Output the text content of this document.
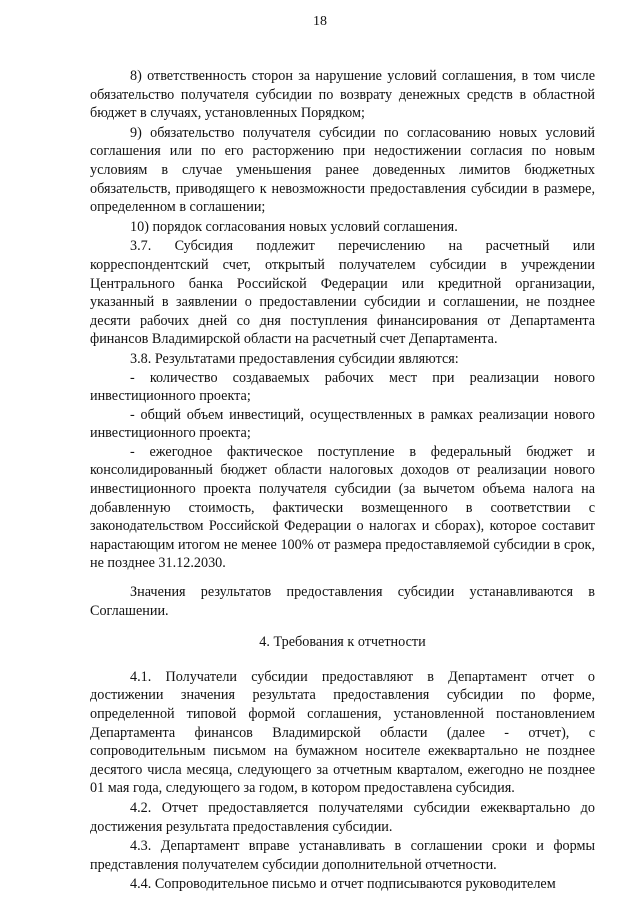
18

8) ответственность сторон за нарушение условий соглашения, в том числе обязательство получателя субсидии по возврату денежных средств в областной бюджет в случаях, установленных Порядком;

9) обязательство получателя субсидии по согласованию новых условий соглашения или по его расторжению при недостижении согласия по новым условиям в случае уменьшения ранее доведенных лимитов бюджетных обязательств, приводящего к невозможности предоставления субсидии в размере, определенном в соглашении;

10) порядок согласования новых условий соглашения.

3.7. Субсидия подлежит перечислению на расчетный или корреспондентский счет, открытый получателем субсидии в учреждении Центрального банка Российской Федерации или кредитной организации, указанный в заявлении о предоставлении субсидии и соглашении, не позднее десяти рабочих дней со дня поступления финансирования от Департамента финансов Владимирской области на расчетный счет Департамента.

3.8. Результатами предоставления субсидии являются:

- количество создаваемых рабочих мест при реализации нового инвестиционного проекта;

- общий объем инвестиций, осуществленных в рамках реализации нового инвестиционного проекта;

- ежегодное фактическое поступление в федеральный бюджет и консолидированный бюджет области налоговых доходов от реализации нового инвестиционного проекта получателя субсидии (за вычетом объема налога на добавленную стоимость, фактически возмещенного в соответствии с законодательством Российской Федерации о налогах и сборах), которое составит нарастающим итогом не менее 100% от размера предоставляемой субсидии в срок, не позднее 31.12.2030.

Значения результатов предоставления субсидии устанавливаются в Соглашении.

4. Требования к отчетности

4.1. Получатели субсидии предоставляют в Департамент отчет о достижении значения результата предоставления субсидии по форме, определенной типовой формой соглашения, установленной постановлением Департамента финансов Владимирской области (далее - отчет), с сопроводительным письмом на бумажном носителе ежеквартально не позднее десятого числа месяца, следующего за отчетным кварталом, ежегодно не позднее 01 мая года, следующего за годом, в котором предоставлена субсидия.

4.2. Отчет предоставляется получателями субсидии ежеквартально до достижения результата предоставления субсидии.

4.3. Департамент вправе устанавливать в соглашении сроки и формы представления получателем субсидии дополнительной отчетности.

4.4. Сопроводительное письмо и отчет подписываются руководителем
